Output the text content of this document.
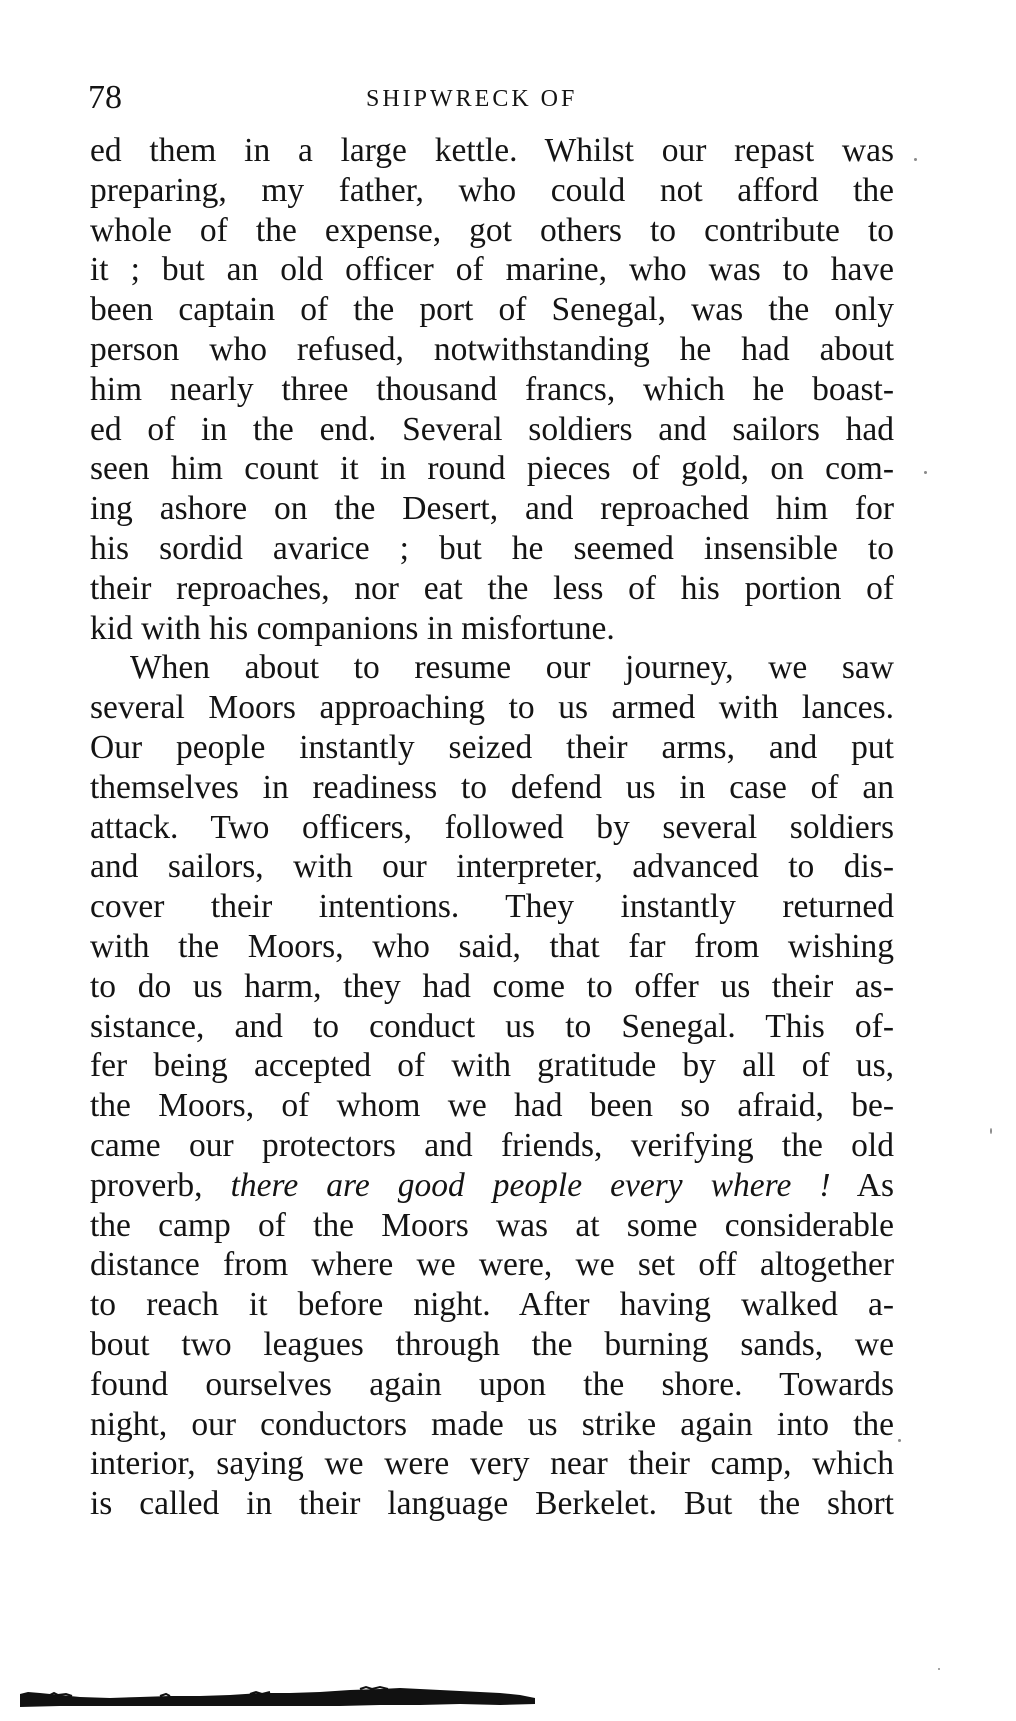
78	SHIPWRECK OF
ed them in a large kettle. Whilst our repast was
preparing, my father, who could not afford the
whole of the expense, got others to contribute to
it ; but an old officer of marine, who was to have
been captain of the port of Senegal, was the only
person who refused, notwithstanding he had about
him nearly three thousand francs, which he boast-
ed of in the end. Several soldiers and sailors had
seen him count it in round pieces of gold, on com-
ing ashore on the Desert, and reproached him for
his sordid avarice ; but he seemed insensible to
their reproaches, nor eat the less of his portion of
kid with his companions in misfortune.
When about to resume our journey, we saw
several Moors approaching to us armed with lances.
Our people instantly seized their arms, and put
themselves in readiness to defend us in case of an
attack. Two officers, followed by several soldiers
and sailors, with our interpreter, advanced to dis-
cover their intentions. They instantly returned
with the Moors, who said, that far from wishing
to do us harm, they had come to offer us their as-
sistance, and to conduct us to Senegal. This of-
fer being accepted of with gratitude by all of us,
the Moors, of whom we had been so afraid, be-
came our protectors and friends, verifying the old
proverb, there are good people every where ! As
the camp of the Moors was at some considerable
distance from where we were, we set off altogether
to reach it before night. After having walked a-
bout two leagues through the burning sands, we
found ourselves again upon the shore. Towards
night, our conductors made us strike again into the
interior, saying we were very near their camp, which
is called in their language Berkelet. But the short
